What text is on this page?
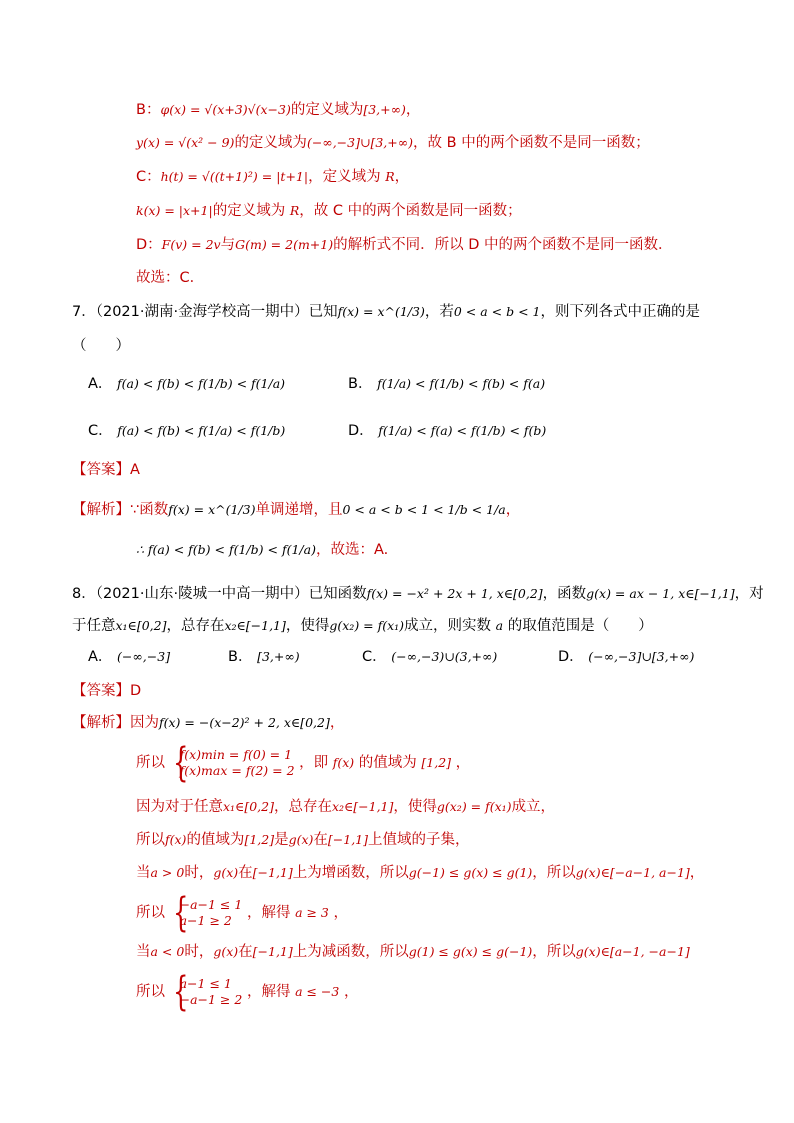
B：φ(x) = √(x+3)√(x−3)的定义域为[3,+∞)，
y(x) = √(x² − 9)的定义域为(−∞,−3]∪[3,+∞)，故 B 中的两个函数不是同一函数；
C：h(t) = √((t+1)²) = |t+1|，定义域为 R，
k(x) = |x+1|的定义域为 R，故 C 中的两个函数是同一函数；
D：F(v) = 2v与G(m) = 2(m+1)的解析式不同．所以 D 中的两个函数不是同一函数．
故选：C．
7．（2021·湖南·金海学校高一期中）已知f(x) = x^(1/3)，若0 < a < b < 1，则下列各式中正确的是
（　　）
【答案】A
【解析】∵函数f(x) = x^(1/3)单调递增，且0 < a < b < 1 < 1/b < 1/a，
∴ f(a) < f(b) < f(1/b) < f(1/a)，故选：A.
8．（2021·山东·陵城一中高一期中）已知函数f(x) = −x² + 2x + 1, x∈[0,2]，函数g(x) = ax − 1, x∈[−1,1]，对
于任意x₁∈[0,2]，总存在x₂∈[−1,1]，使得g(x₂) = f(x₁)成立，则实数 a 的取值范围是（　　）
【答案】D
【解析】因为f(x) = −(x−2)² + 2, x∈[0,2]，
因为对于任意x₁∈[0,2]，总存在x₂∈[−1,1]，使得g(x₂) = f(x₁)成立，
所以f(x)的值域为[1,2]是g(x)在[−1,1]上值域的子集，
当a > 0时，g(x)在[−1,1]上为增函数，所以g(−1) ≤ g(x) ≤ g(1)，所以g(x)∈[−a−1, a−1]，
当a < 0时，g(x)在[−1,1]上为减函数，所以g(1) ≤ g(x) ≤ g(−1)，所以g(x)∈[a−1, −a−1]
A． f(a) < f(b) < f(1/b) < f(1/a)	B． f(1/a) < f(1/b) < f(b) < f(a)
C． f(a) < f(b) < f(1/a) < f(1/b)	D． f(1/a) < f(a) < f(1/b) < f(b)
A． (−∞,−3]	B． [3,+∞)	C． (−∞,−3)∪(3,+∞)	D． (−∞,−3]∪[3,+∞)
所以
{ f(x)min = f(0) = 1
f(x)max = f(2) = 2 ，即 f(x) 的值域为 [1,2] ，
所以
{ −a−1 ≤ 1
a−1 ≥ 2	，解得 a ≥ 3 ，
所以
{ a−1 ≤ 1
−a−1 ≥ 2 ，解得 a ≤ −3 ，
